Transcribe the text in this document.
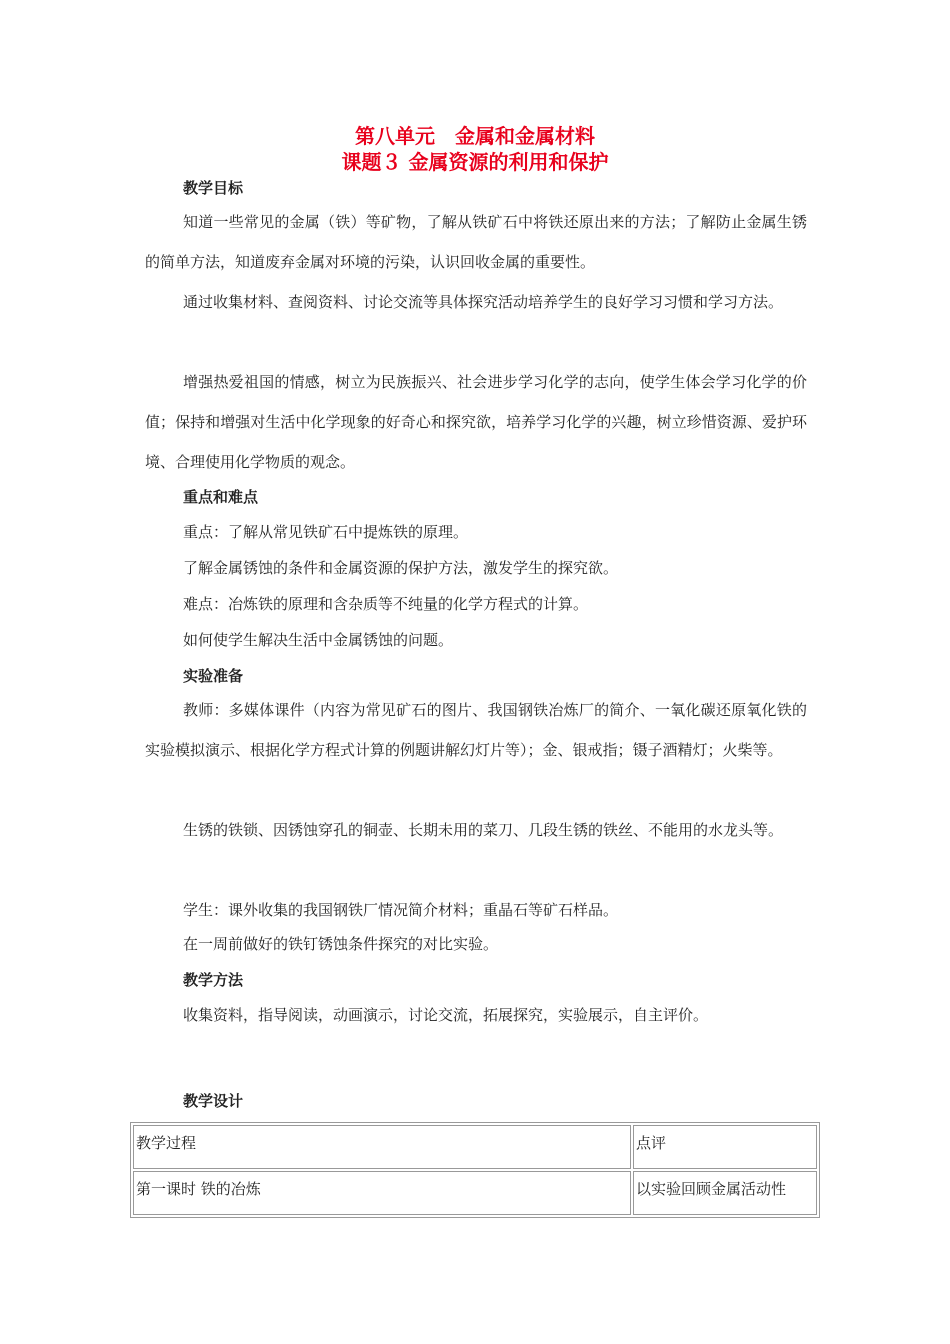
第八单元　金属和金属材料
课题３ 金属资源的利用和保护
教学目标
知道一些常见的金属（铁）等矿物，了解从铁矿石中将铁还原出来的方法；了解防止金属生锈的简单方法，知道废弃金属对环境的污染，认识回收金属的重要性。
通过收集材料、查阅资料、讨论交流等具体探究活动培养学生的良好学习习惯和学习方法。
增强热爱祖国的情感，树立为民族振兴、社会进步学习化学的志向，使学生体会学习化学的价值；保持和增强对生活中化学现象的好奇心和探究欲，培养学习化学的兴趣，树立珍惜资源、爱护环境、合理使用化学物质的观念。
重点和难点
重点：了解从常见铁矿石中提炼铁的原理。
了解金属锈蚀的条件和金属资源的保护方法，激发学生的探究欲。
难点：冶炼铁的原理和含杂质等不纯量的化学方程式的计算。
如何使学生解决生活中金属锈蚀的问题。
实验准备
教师：多媒体课件（内容为常见矿石的图片、我国钢铁冶炼厂的简介、一氧化碳还原氧化铁的实验模拟演示、根据化学方程式计算的例题讲解幻灯片等）；金、银戒指；镊子酒精灯；火柴等。
生锈的铁锁、因锈蚀穿孔的铜壶、长期未用的菜刀、几段生锈的铁丝、不能用的水龙头等。
学生：课外收集的我国钢铁厂情况简介材料；重晶石等矿石样品。
在一周前做好的铁钉锈蚀条件探究的对比实验。
教学方法
收集资料，指导阅读，动画演示，讨论交流，拓展探究，实验展示，自主评价。
教学设计
教学过程	点评
第一课时 铁的冶炼	以实验回顾金属活动性
